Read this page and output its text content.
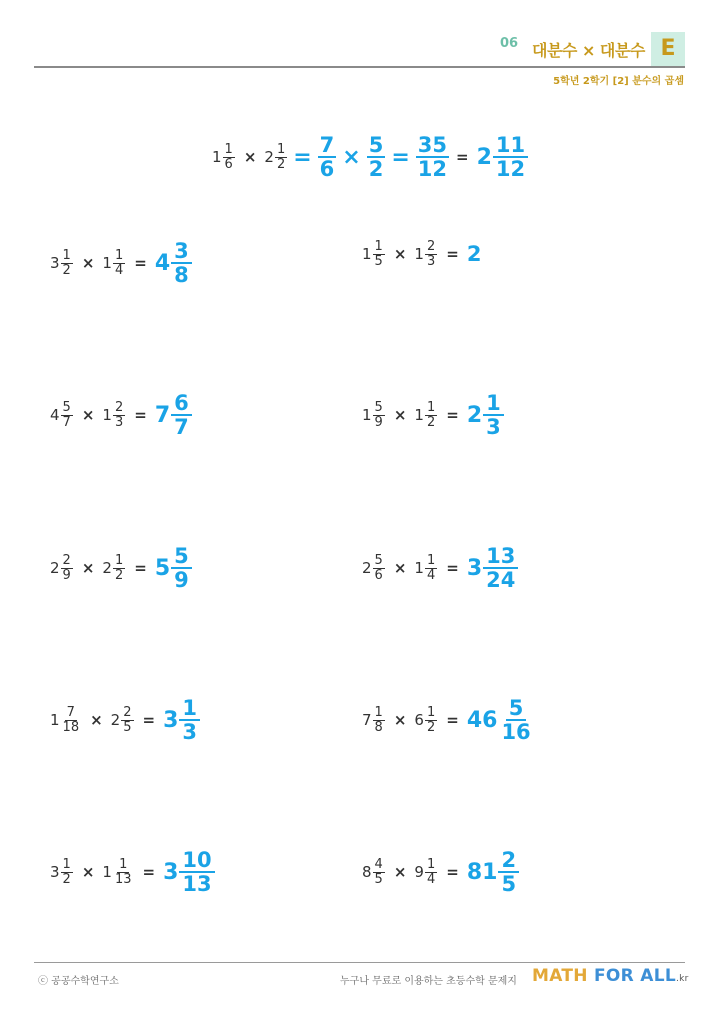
06 대분수 × 대분수 E
5학년 2학기 [2] 분수의 곱셈
$1 \frac{1}{6} \times 2 \frac{1}{2} = \frac{7}{6} \times \frac{5}{2} = \frac{35}{12} = 2 \frac{11}{12}$
$3 \frac{1}{2} \times 1 \frac{1}{4} = 4 \frac{3}{8}$	$1 \frac{1}{5} \times 1 \frac{2}{3} = 2$
$4 \frac{5}{7} \times 1 \frac{2}{3} = 7 \frac{6}{7}$	$1 \frac{5}{9} \times 1 \frac{1}{2} = 2 \frac{1}{3}$
$2 \frac{2}{9} \times 2 \frac{1}{2} = 5 \frac{5}{9}$	$2 \frac{5}{6} \times 1 \frac{1}{4} = 3 \frac{13}{24}$
$1 \frac{7}{18} \times 2 \frac{2}{5} = 3 \frac{1}{3}$	$7 \frac{1}{8} \times 6 \frac{1}{2} = 46 \frac{5}{16}$
$3 \frac{1}{2} \times 1 \frac{1}{13} = 3 \frac{10}{13}$	$8 \frac{4}{5} \times 9 \frac{1}{4} = 81 \frac{2}{5}$
ⓒ 공공수학연구소	누구나 무료로 이용하는 초등수학 문제지 MATH FOR ALL.kr
